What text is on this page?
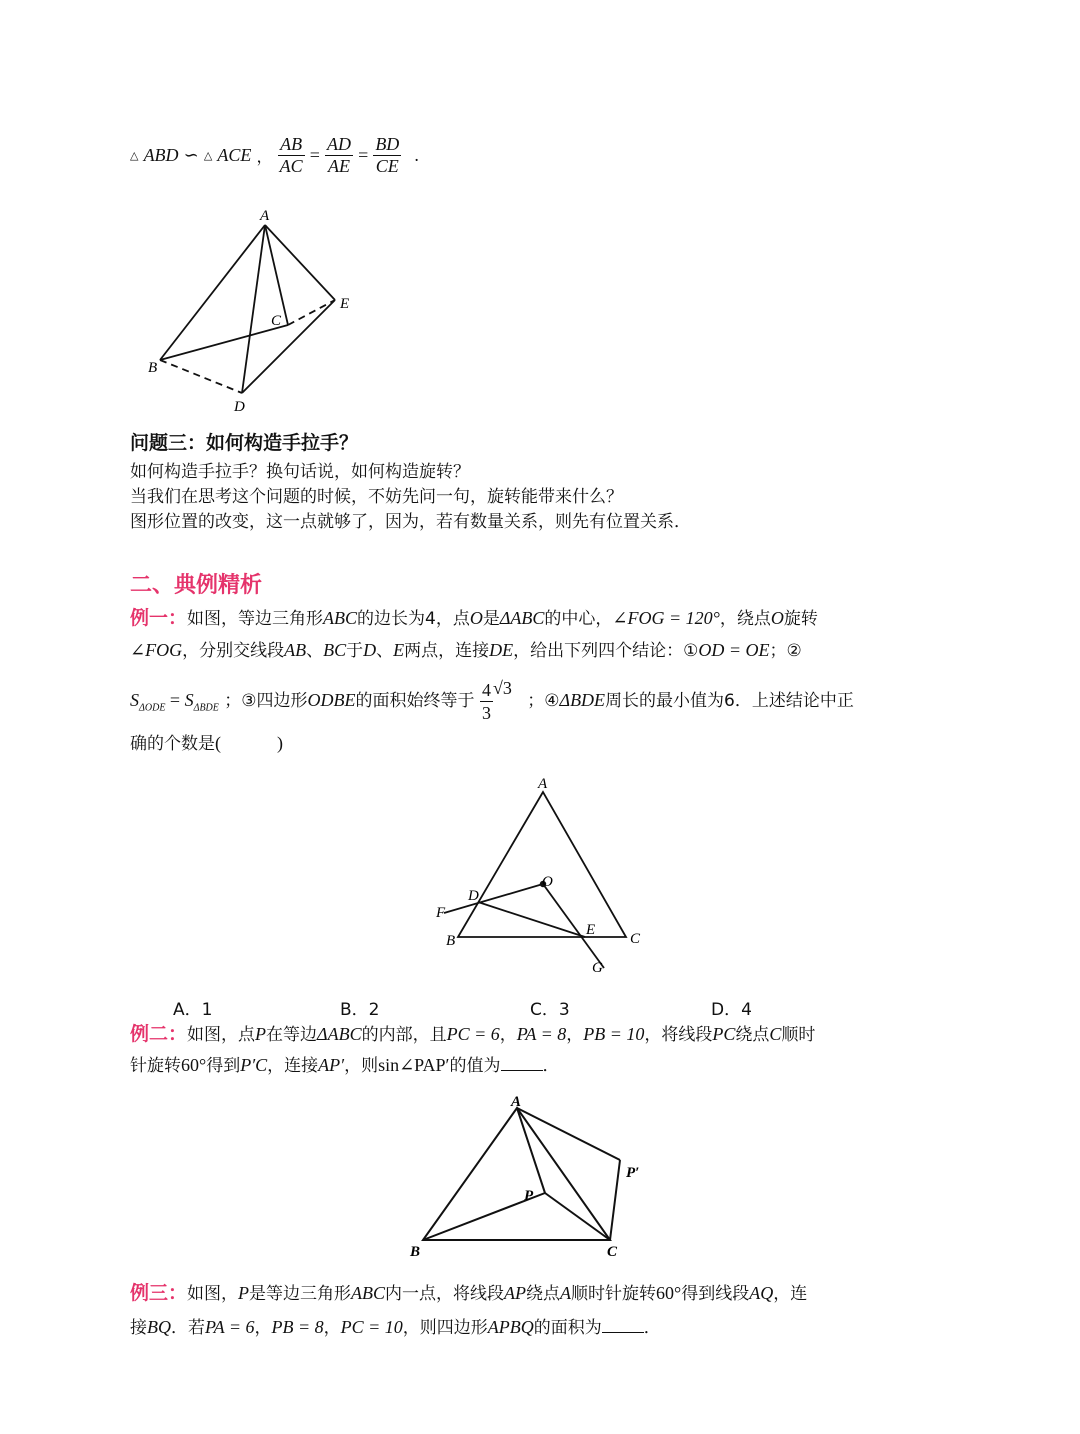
△ ABD ∽ △ ACE ， $\frac{AB}{AC} = \frac{AD}{AE} = \frac{BD}{CE}$ .
A
B
C
D
E
问题三：如何构造手拉手？
如何构造手拉手？换句话说，如何构造旋转？
当我们在思考这个问题的时候，不妨先问一句，旋转能带来什么？
图形位置的改变，这一点就够了，因为，若有数量关系，则先有位置关系．
二、典例精析
例一：如图，等边三角形ABC的边长为4，点O是ΔABC的中心，∠FOG = 120°，绕点O旋转
∠FOG，分别交线段AB、BC于D、E两点，连接DE，给出下列四个结论：①OD = OE；②
$S_{\Delta ODE} = S_{\Delta BDE}$ ；③四边形ODBE的面积始终等于 $\frac{4}{3} √3$ ；④ΔBDE周长的最小值为6．上述结论中正
确的个数是(	)
A
B	C
D
E
F
G
O
A．1	B．2	C．3	D．4
例二：如图，点P在等边ΔABC的内部，且PC = 6，PA = 8，PB = 10，将线段PC绕点C顺时
针旋转60°得到P′C，连接AP′，则sin∠PAP′的值为 ．
A
B	C
P
P′
例三：如图，P是等边三角形ABC内一点，将线段AP绕点A顺时针旋转60°得到线段AQ，连
接BQ．若PA = 6，PB = 8，PC = 10，则四边形APBQ的面积为 ．
